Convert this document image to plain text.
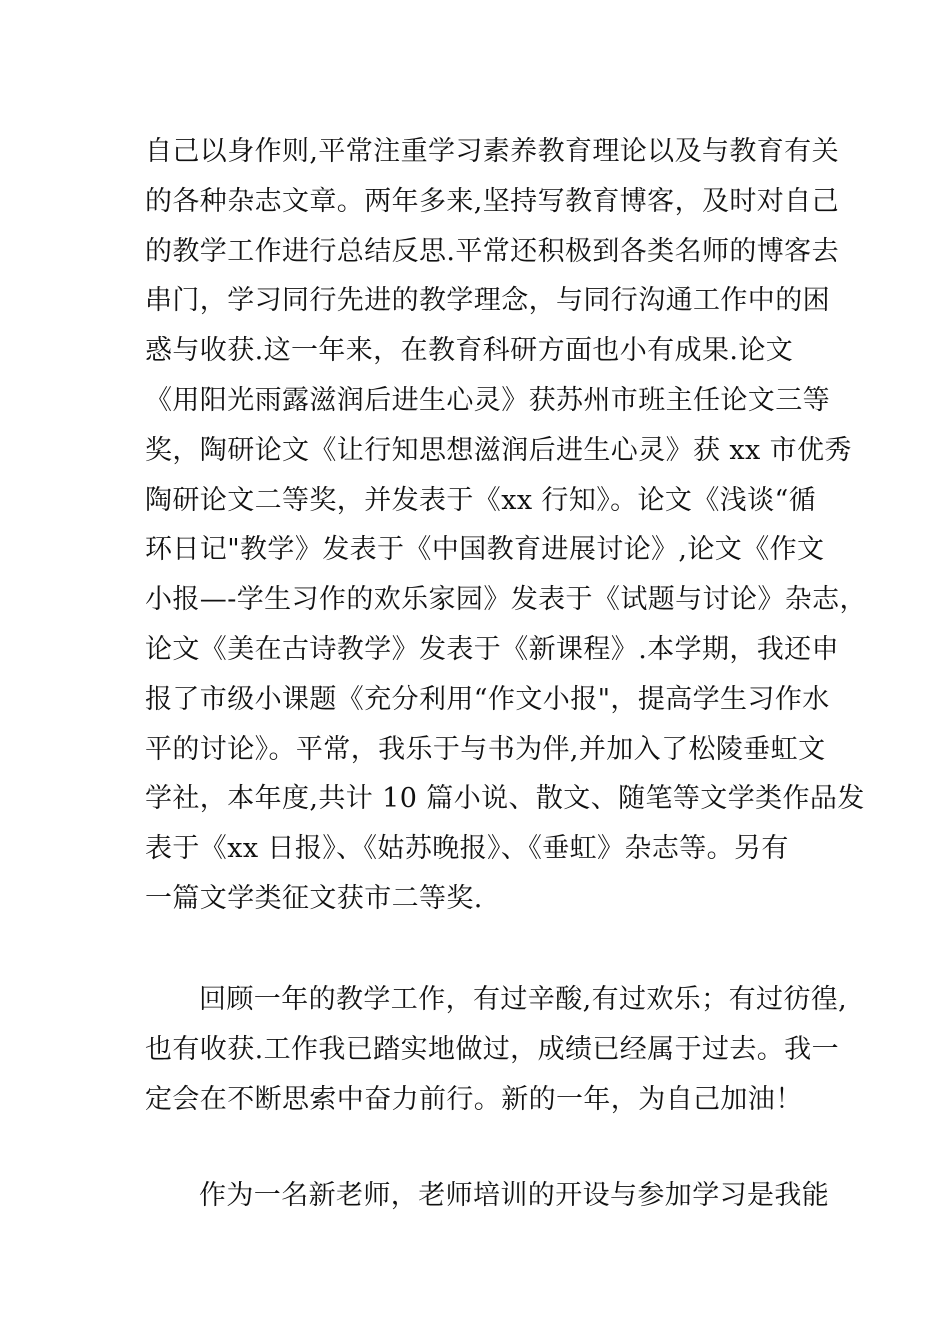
自己以身作则,平常注重学习素养教育理论以及与教育有关
的各种杂志文章。两年多来,坚持写教育博客，及时对自己
的教学工作进行总结反思.平常还积极到各类名师的博客去
串门，学习同行先进的教学理念，与同行沟通工作中的困
惑与收获.这一年来，在教育科研方面也小有成果.论文
《用阳光雨露滋润后进生心灵》获苏州市班主任论文三等
奖，陶研论文《让行知思想滋润后进生心灵》获 xx 市优秀
陶研论文二等奖，并发表于《xx 行知》。论文《浅谈“循
环日记"教学》发表于《中国教育进展讨论》,论文《作文
小报—-学生习作的欢乐家园》发表于《试题与讨论》杂志，
论文《美在古诗教学》发表于《新课程》.本学期，我还申
报了市级小课题《充分利用“作文小报"，提高学生习作水
平的讨论》。平常，我乐于与书为伴,并加入了松陵垂虹文
学社，本年度,共计 10 篇小说、散文、随笔等文学类作品发
表于《xx 日报》、《姑苏晚报》、《垂虹》杂志等。另有
一篇文学类征文获市二等奖.
回顾一年的教学工作，有过辛酸,有过欢乐；有过彷徨,
也有收获.工作我已踏实地做过，成绩已经属于过去。我一
定会在不断思索中奋力前行。新的一年，为自己加油！
作为一名新老师，老师培训的开设与参加学习是我能
